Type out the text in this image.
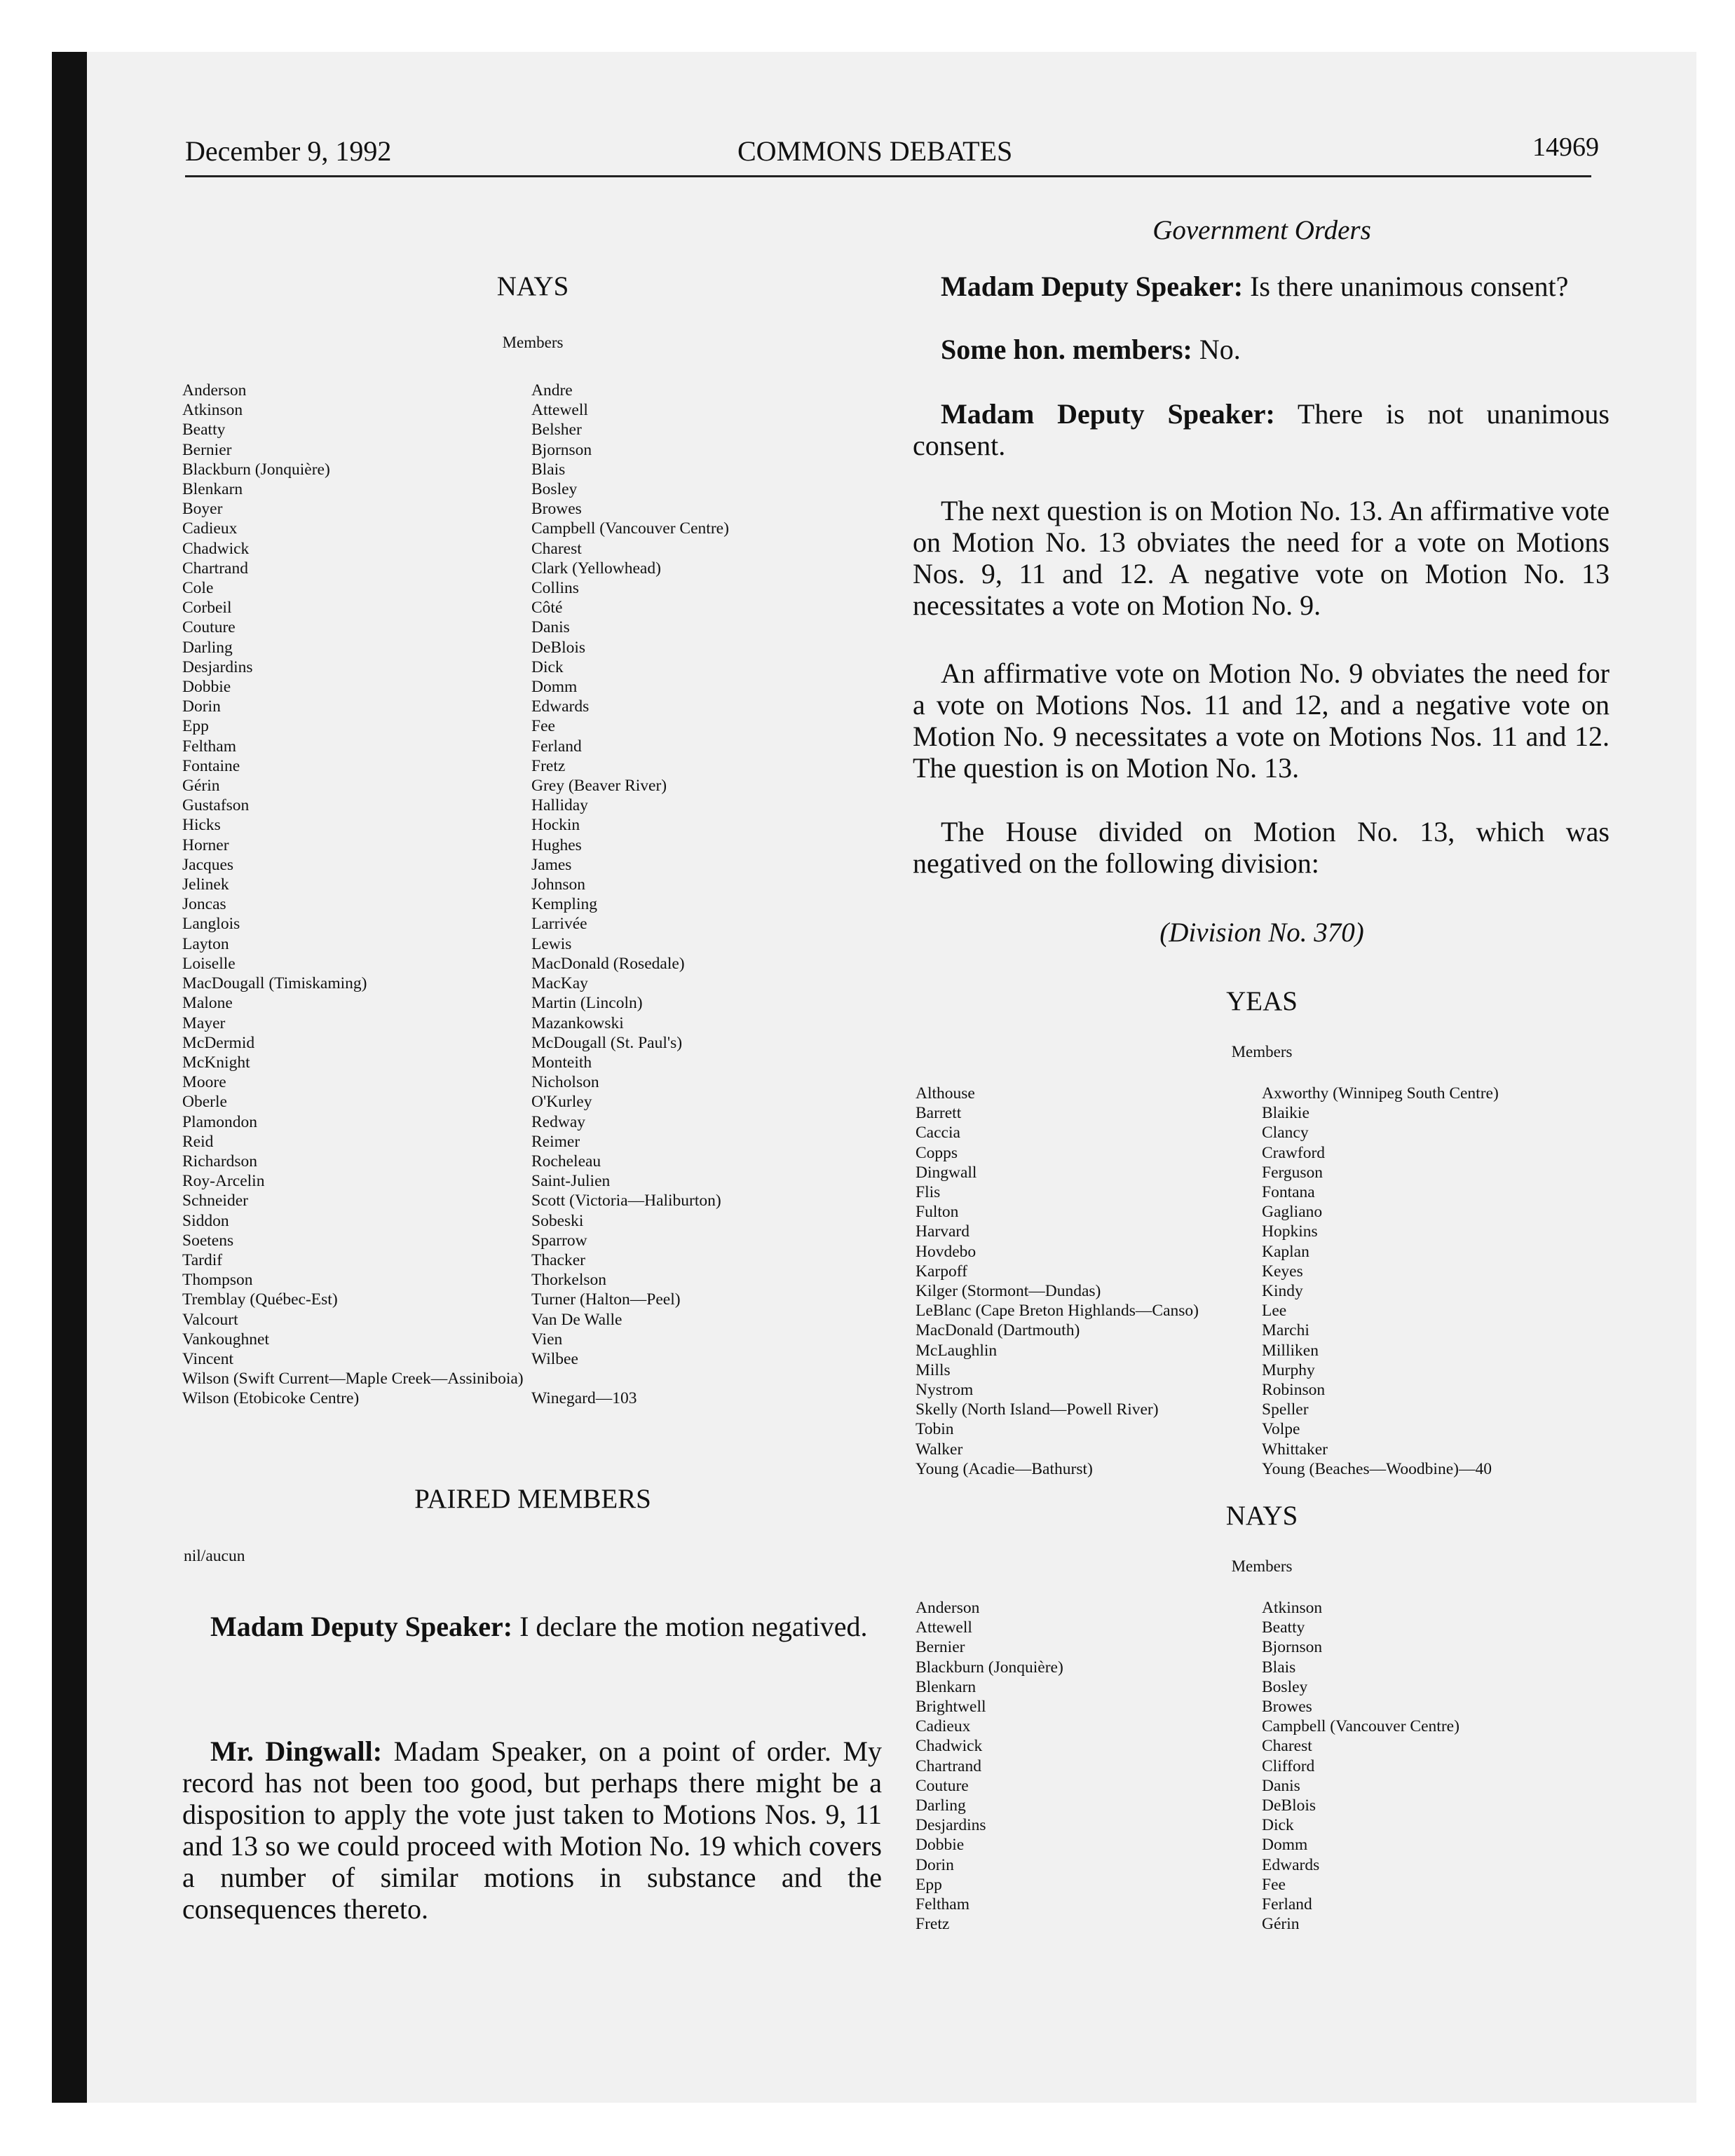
December 9, 1992	COMMONS DEBATES	14969
NAYS
Members
Anderson
Atkinson
Beatty
Bernier
Blackburn (Jonquière)
Blenkarn
Boyer
Cadieux
Chadwick
Chartrand
Cole
Corbeil
Couture
Darling
Desjardins
Dobbie
Dorin
Epp
Feltham
Fontaine
Gérin
Gustafson
Hicks
Horner
Jacques
Jelinek
Joncas
Langlois
Layton
Loiselle
MacDougall (Timiskaming)
Malone
Mayer
McDermid
McKnight
Moore
Oberle
Plamondon
Reid
Richardson
Roy-Arcelin
Schneider
Siddon
Soetens
Tardif
Thompson
Tremblay (Québec-Est)
Valcourt
Vankoughnet
Vincent
Wilson (Swift Current—Maple Creek—Assiniboia)
Wilson (Etobicoke Centre)
Andre
Attewell
Belsher
Bjornson
Blais
Bosley
Browes
Campbell (Vancouver Centre)
Charest
Clark (Yellowhead)
Collins
Côté
Danis
DeBlois
Dick
Domm
Edwards
Fee
Ferland
Fretz
Grey (Beaver River)
Halliday
Hockin
Hughes
James
Johnson
Kempling
Larrivée
Lewis
MacDonald (Rosedale)
MacKay
Martin (Lincoln)
Mazankowski
McDougall (St. Paul's)
Monteith
Nicholson
O'Kurley
Redway
Reimer
Rocheleau
Saint-Julien
Scott (Victoria—Haliburton)
Sobeski
Sparrow
Thacker
Thorkelson
Turner (Halton—Peel)
Van De Walle
Vien
Wilbee

Winegard—103
PAIRED MEMBERS
nil/aucun

Madam Deputy Speaker: I declare the motion negatived.

Mr. Dingwall: Madam Speaker, on a point of order. My record has not been too good, but perhaps there might be a disposition to apply the vote just taken to Motions Nos. 9, 11 and 13 so we could proceed with Motion No. 19 which covers a number of similar motions in substance and the consequences thereto.

Government Orders

Madam Deputy Speaker: Is there unanimous consent?

Some hon. members: No.

Madam Deputy Speaker: There is not unanimous consent.

The next question is on Motion No. 13. An affirmative vote on Motion No. 13 obviates the need for a vote on Motions Nos. 9, 11 and 12. A negative vote on Motion No. 13 necessitates a vote on Motion No. 9.

An affirmative vote on Motion No. 9 obviates the need for a vote on Motions Nos. 11 and 12, and a negative vote on Motion No. 9 necessitates a vote on Motions Nos. 11 and 12. The question is on Motion No. 13.

The House divided on Motion No. 13, which was negatived on the following division:

(Division No. 370)
YEAS
Members
Althouse
Barrett
Caccia
Copps
Dingwall
Flis
Fulton
Harvard
Hovdebo
Karpoff
Kilger (Stormont—Dundas)
LeBlanc (Cape Breton Highlands—Canso)
MacDonald (Dartmouth)
McLaughlin
Mills
Nystrom
Skelly (North Island—Powell River)
Tobin
Walker
Young (Acadie—Bathurst)
Axworthy (Winnipeg South Centre)
Blaikie
Clancy
Crawford
Ferguson
Fontana
Gagliano
Hopkins
Kaplan
Keyes
Kindy
Lee
Marchi
Milliken
Murphy
Robinson
Speller
Volpe
Whittaker
Young (Beaches—Woodbine)—40
NAYS
Members
Anderson
Attewell
Bernier
Blackburn (Jonquière)
Blenkarn
Brightwell
Cadieux
Chadwick
Chartrand
Couture
Darling
Desjardins
Dobbie
Dorin
Epp
Feltham
Fretz
Atkinson
Beatty
Bjornson
Blais
Bosley
Browes
Campbell (Vancouver Centre)
Charest
Clifford
Danis
DeBlois
Dick
Domm
Edwards
Fee
Ferland
Gérin
